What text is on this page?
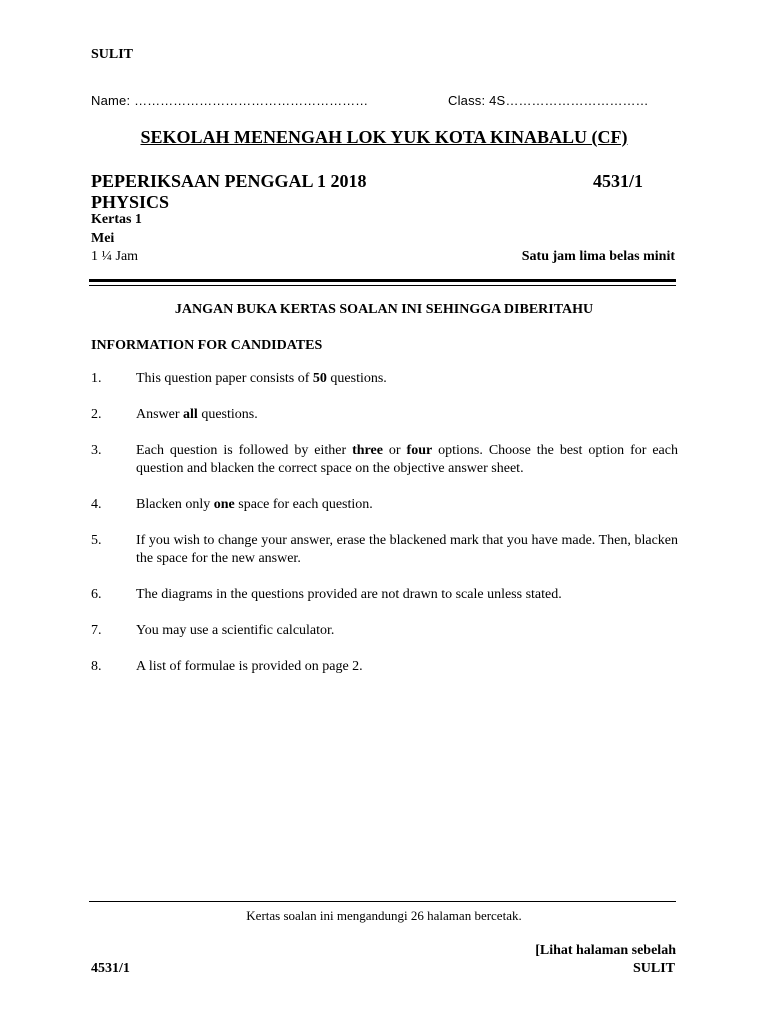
SULIT
Name: ………………………………………………	Class: 4S……………………………
SEKOLAH MENENGAH LOK YUK KOTA KINABALU (CF)
PEPERIKSAAN PENGGAL 1 2018	4531/1
PHYSICS
Kertas 1
Mei
1 ¼ Jam	Satu jam lima belas minit
JANGAN BUKA KERTAS SOALAN INI SEHINGGA DIBERITAHU
INFORMATION FOR CANDIDATES
1.	This question paper consists of 50 questions.
2.	Answer all questions.
3.	Each question is followed by either three or four options. Choose the best option for each question and blacken the correct space on the objective answer sheet.
4.	Blacken only one space for each question.
5.	If you wish to change your answer, erase the blackened mark that you have made. Then, blacken the space for the new answer.
6.	The diagrams in the questions provided are not drawn to scale unless stated.
7.	You may use a scientific calculator.
8.	A list of formulae is provided on page 2.
Kertas soalan ini mengandungi 26 halaman bercetak.
[Lihat halaman sebelah
4531/1	SULIT
